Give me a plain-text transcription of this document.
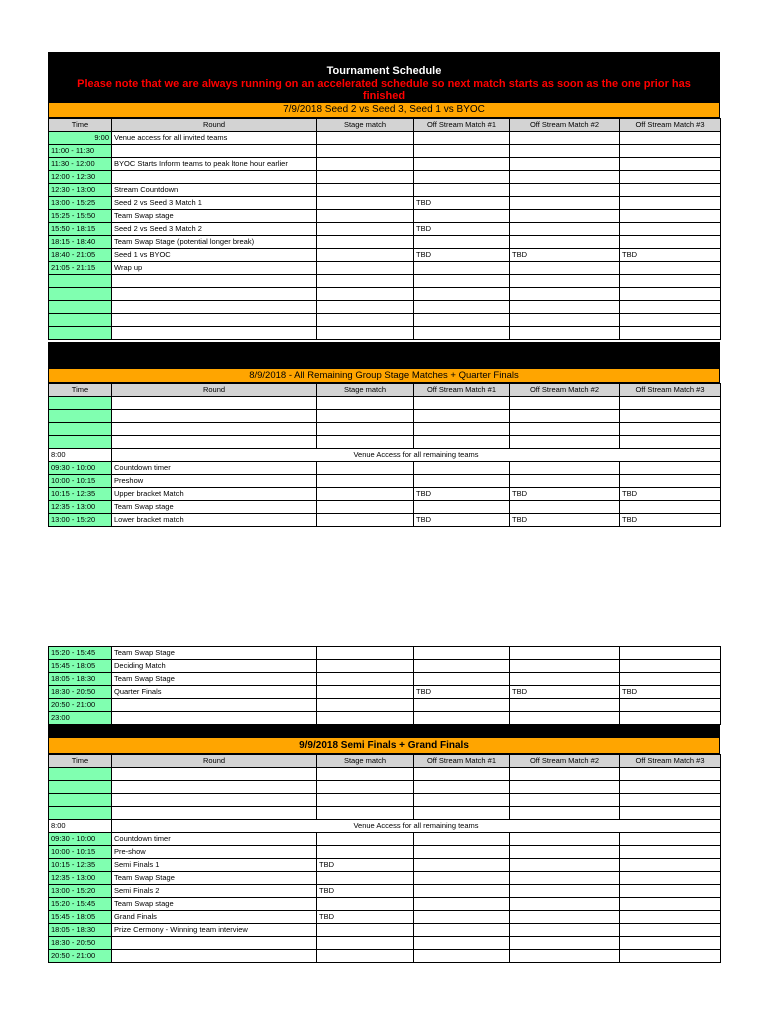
Tournament Schedule
Please note that we are always running on an accelerated schedule so next match starts as soon as the one prior has finished
7/9/2018 Seed 2 vs Seed 3, Seed 1 vs BYOC
Time	Round	Stage match	Off Stream Match #1	Off Stream Match #2	Off Stream Match #3
9:00	Venue access for all invited teams				
11:00 - 11:30					
11:30 - 12:00	BYOC Starts Inform teams to peak ltone hour earlier				
12:00 - 12:30					
12:30 - 13:00	Stream Countdown				
13:00 - 15:25	Seed 2 vs Seed 3 Match 1		TBD		
15:25 - 15:50	Team Swap stage				
15:50 - 18:15	Seed 2 vs Seed 3 Match 2		TBD		
18:15 - 18:40	Team Swap Stage (potential longer break)				
18:40 - 21:05	Seed 1 vs BYOC		TBD	TBD	TBD
21:05 - 21:15	Wrap up				

8/9/2018 - All Remaining Group Stage Matches + Quarter Finals
Time	Round	Stage match	Off Stream Match #1	Off Stream Match #2	Off Stream Match #3

8:00	Venue Access for all remaining teams				
09:30 - 10:00	Countdown timer				
10:00 - 10:15	Preshow				
10:15 - 12:35	Upper bracket Match		TBD	TBD	TBD
12:35 - 13:00	Team Swap stage				
13:00 - 15:20	Lower bracket match		TBD	TBD	TBD
15:20 - 15:45	Team Swap Stage				
15:45 - 18:05	Deciding Match				
18:05 - 18:30	Team Swap Stage				
18:30 - 20:50	Quarter Finals		TBD	TBD	TBD
20:50 - 21:00					
23:00					
9/9/2018 Semi Finals + Grand Finals
Time	Round	Stage match	Off Stream Match #1	Off Stream Match #2	Off Stream Match #3

8:00	Venue Access for all remaining teams				
09:30 - 10:00	Countdown timer				
10:00 - 10:15	Pre-show				
10:15 - 12:35	Semi Finals 1	TBD			
12:35 - 13:00	Team Swap Stage				
13:00 - 15:20	Semi Finals 2	TBD			
15:20 - 15:45	Team Swap stage				
15:45 - 18:05	Grand Finals	TBD			
18:05 - 18:30	Prize Cermony - Winning team interview				
18:30 - 20:50					
20:50 - 21:00					
